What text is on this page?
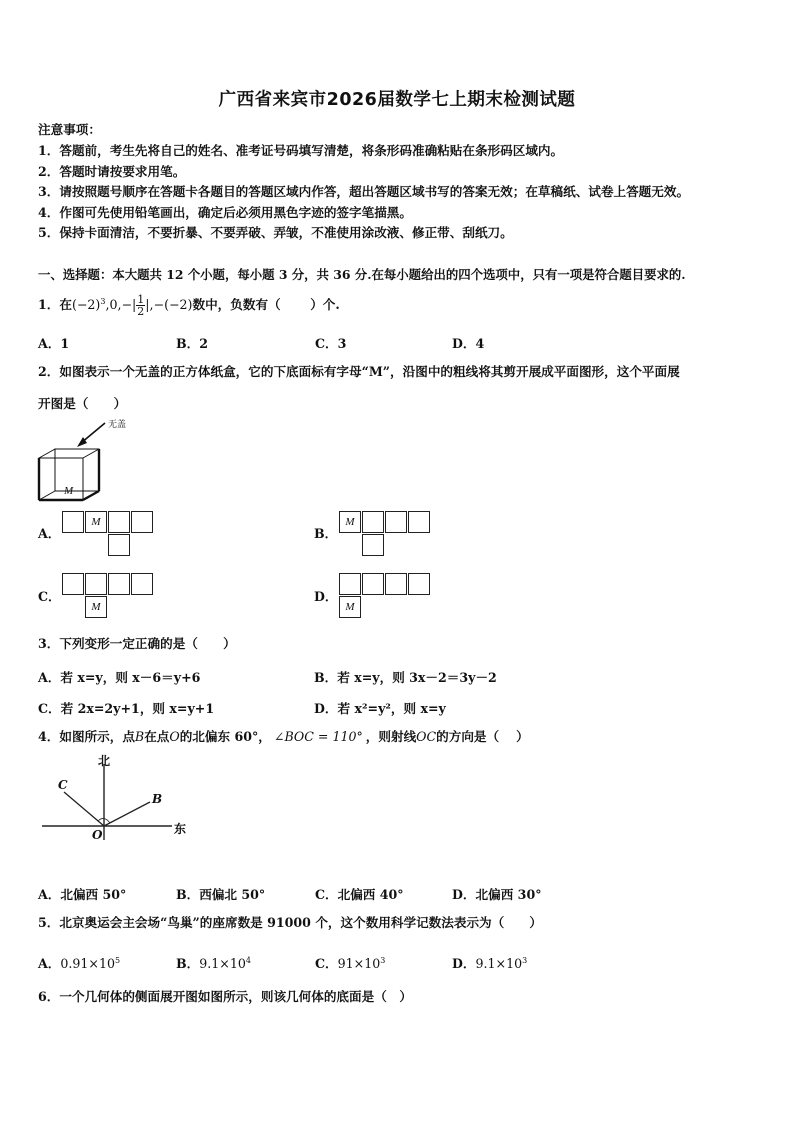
广西省来宾市2026届数学七上期末检测试题
注意事项：
1．答题前，考生先将自己的姓名、准考证号码填写清楚，将条形码准确粘贴在条形码区域内。
2．答题时请按要求用笔。
3．请按照题号顺序在答题卡各题目的答题区域内作答，超出答题区域书写的答案无效；在草稿纸、试卷上答题无效。
4．作图可先使用铅笔画出，确定后必须用黑色字迹的签字笔描黑。
5．保持卡面清洁，不要折暴、不要弄破、弄皱，不准使用涂改液、修正带、刮纸刀。
一、选择题：本大题共 12 个小题，每小题 3 分，共 36 分.在每小题给出的四个选项中，只有一项是符合题目要求的.
1．在$(-2)^3,0,-| \frac{1}{2} |,-(-2)$数中，负数有（　　 ）个.
A．1	B．2	C．3	D．4
2．如图表示一个无盖的正方体纸盒，它的下底面标有字母“M”，沿图中的粗线将其剪开展成平面图形，这个平面展
开图是（　　）
无盖
M
A．
M
B．
M
C．
M
D．
M
3．下列变形一定正确的是（　　）
A．若 x=y，则 x－6＝y+6	B．若 x=y，则 3x－2＝3y－2
C．若 2x=2y+1，则 x=y+1	D．若 x²=y²，则 x=y
4．如图所示，点B在点O的北偏东 60°， ∠BOC = 110° ，则射线OC的方向是（　 ）
北
东
C
B
O
A．北偏西 50°	B．西偏北 50°	C．北偏西 40°	D．北偏西 30°
5．北京奥运会主会场“鸟巢”的座席数是 91000 个，这个数用科学记数法表示为（　　）
A．$0.91\times 10^5$	B．$9.1\times 10^4$	C．$91\times 10^3$	D．$9.1\times 10^3$
6．一个几何体的侧面展开图如图所示，则该几何体的底面是（　）
